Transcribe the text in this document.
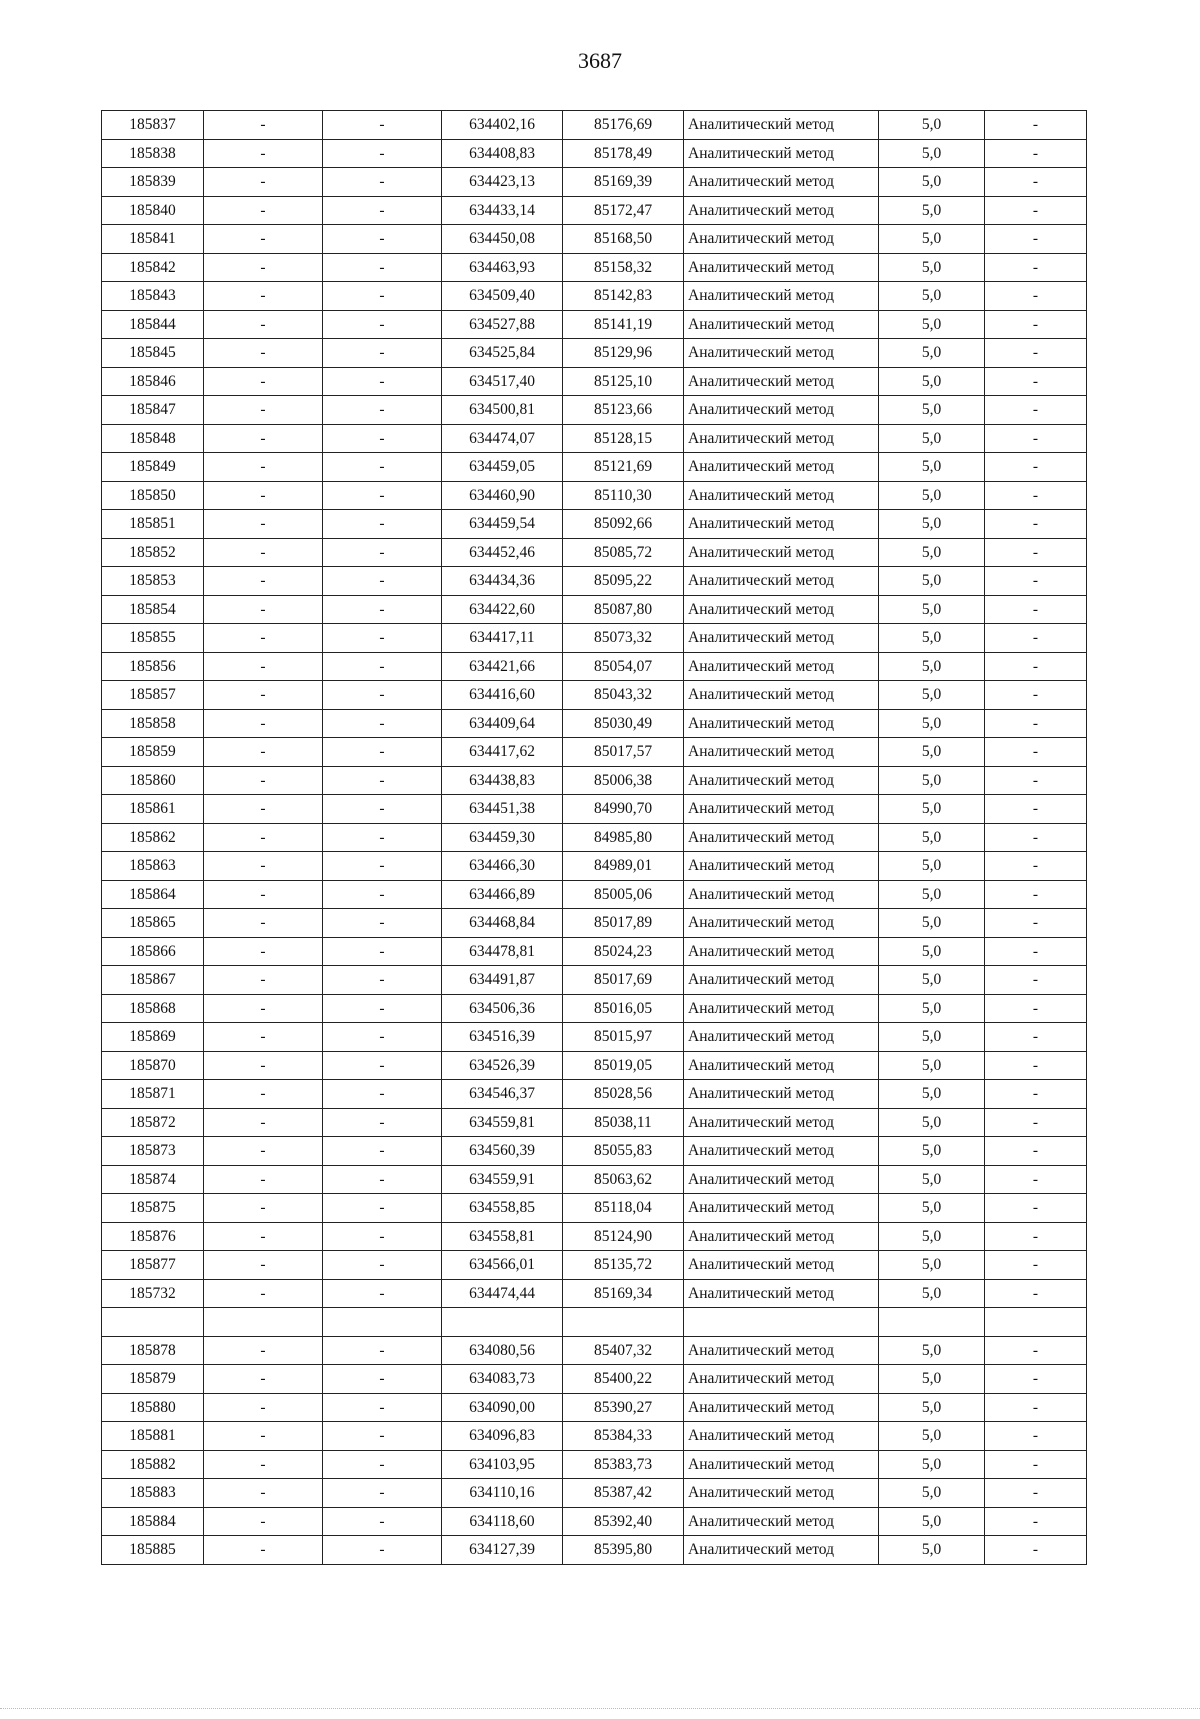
3687
185837	-	-	634402,16	85176,69	Аналитический метод	5,0	-
185838	-	-	634408,83	85178,49	Аналитический метод	5,0	-
185839	-	-	634423,13	85169,39	Аналитический метод	5,0	-
185840	-	-	634433,14	85172,47	Аналитический метод	5,0	-
185841	-	-	634450,08	85168,50	Аналитический метод	5,0	-
185842	-	-	634463,93	85158,32	Аналитический метод	5,0	-
185843	-	-	634509,40	85142,83	Аналитический метод	5,0	-
185844	-	-	634527,88	85141,19	Аналитический метод	5,0	-
185845	-	-	634525,84	85129,96	Аналитический метод	5,0	-
185846	-	-	634517,40	85125,10	Аналитический метод	5,0	-
185847	-	-	634500,81	85123,66	Аналитический метод	5,0	-
185848	-	-	634474,07	85128,15	Аналитический метод	5,0	-
185849	-	-	634459,05	85121,69	Аналитический метод	5,0	-
185850	-	-	634460,90	85110,30	Аналитический метод	5,0	-
185851	-	-	634459,54	85092,66	Аналитический метод	5,0	-
185852	-	-	634452,46	85085,72	Аналитический метод	5,0	-
185853	-	-	634434,36	85095,22	Аналитический метод	5,0	-
185854	-	-	634422,60	85087,80	Аналитический метод	5,0	-
185855	-	-	634417,11	85073,32	Аналитический метод	5,0	-
185856	-	-	634421,66	85054,07	Аналитический метод	5,0	-
185857	-	-	634416,60	85043,32	Аналитический метод	5,0	-
185858	-	-	634409,64	85030,49	Аналитический метод	5,0	-
185859	-	-	634417,62	85017,57	Аналитический метод	5,0	-
185860	-	-	634438,83	85006,38	Аналитический метод	5,0	-
185861	-	-	634451,38	84990,70	Аналитический метод	5,0	-
185862	-	-	634459,30	84985,80	Аналитический метод	5,0	-
185863	-	-	634466,30	84989,01	Аналитический метод	5,0	-
185864	-	-	634466,89	85005,06	Аналитический метод	5,0	-
185865	-	-	634468,84	85017,89	Аналитический метод	5,0	-
185866	-	-	634478,81	85024,23	Аналитический метод	5,0	-
185867	-	-	634491,87	85017,69	Аналитический метод	5,0	-
185868	-	-	634506,36	85016,05	Аналитический метод	5,0	-
185869	-	-	634516,39	85015,97	Аналитический метод	5,0	-
185870	-	-	634526,39	85019,05	Аналитический метод	5,0	-
185871	-	-	634546,37	85028,56	Аналитический метод	5,0	-
185872	-	-	634559,81	85038,11	Аналитический метод	5,0	-
185873	-	-	634560,39	85055,83	Аналитический метод	5,0	-
185874	-	-	634559,91	85063,62	Аналитический метод	5,0	-
185875	-	-	634558,85	85118,04	Аналитический метод	5,0	-
185876	-	-	634558,81	85124,90	Аналитический метод	5,0	-
185877	-	-	634566,01	85135,72	Аналитический метод	5,0	-
185732	-	-	634474,44	85169,34	Аналитический метод	5,0	-

185878	-	-	634080,56	85407,32	Аналитический метод	5,0	-
185879	-	-	634083,73	85400,22	Аналитический метод	5,0	-
185880	-	-	634090,00	85390,27	Аналитический метод	5,0	-
185881	-	-	634096,83	85384,33	Аналитический метод	5,0	-
185882	-	-	634103,95	85383,73	Аналитический метод	5,0	-
185883	-	-	634110,16	85387,42	Аналитический метод	5,0	-
185884	-	-	634118,60	85392,40	Аналитический метод	5,0	-
185885	-	-	634127,39	85395,80	Аналитический метод	5,0	-
